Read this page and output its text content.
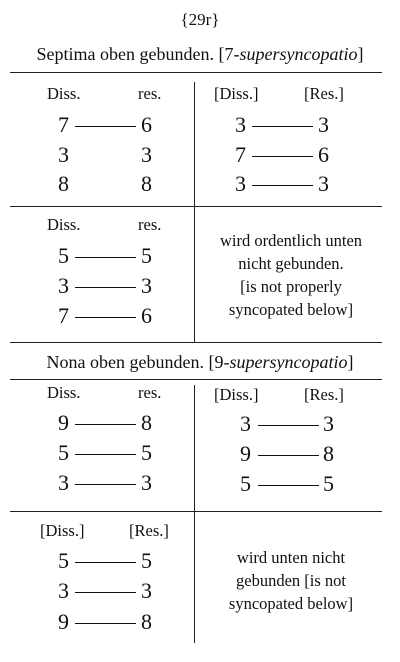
{29r}
Septima oben gebunden. [7-supersyncopatio]
Diss.	res.
7	6
3	3
8	8
[Diss.]	[Res.]
3	3
7	6
3	3
Diss.	res.
5	5
3	3
7	6
wird ordentlich unten
nicht gebunden.
[is not properly
syncopated below]
Nona oben gebunden. [9-supersyncopatio]
Diss.	res.
9	8
5	5
3	3
[Diss.]	[Res.]
3	3
9	8
5	5
[Diss.]	[Res.]
5	5
3	3
9	8
wird unten nicht
gebunden [is not
syncopated below]
